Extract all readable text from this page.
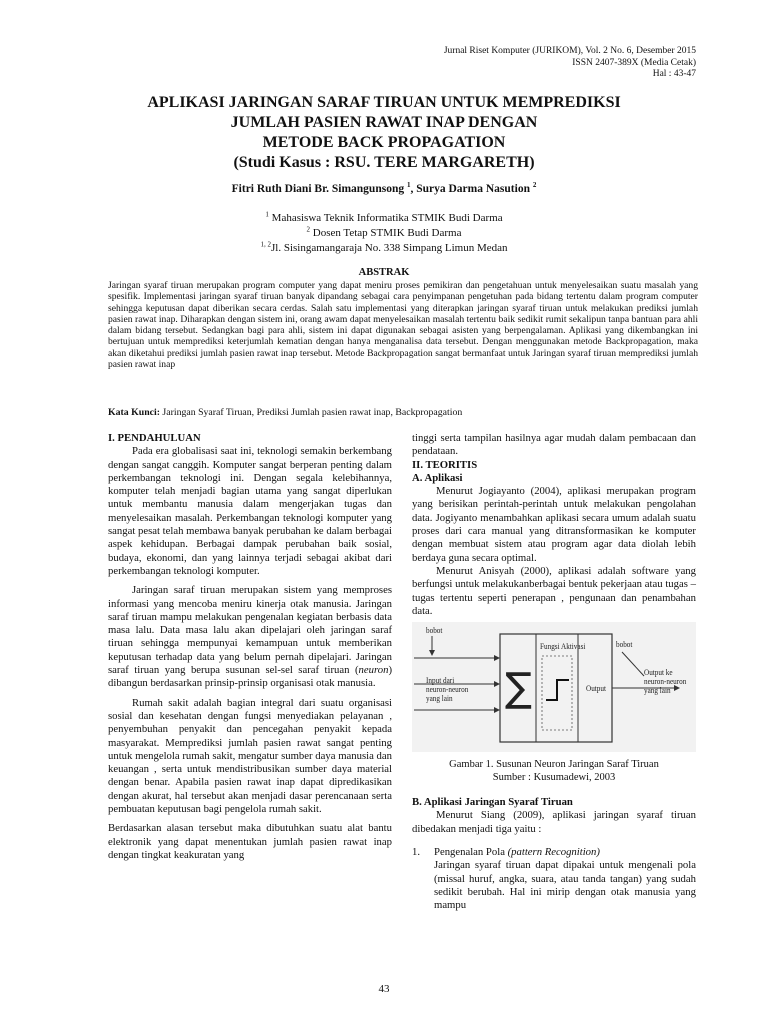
Jurnal Riset Komputer (JURIKOM), Vol. 2 No. 6, Desember 2015
ISSN 2407-389X (Media Cetak)
Hal : 43-47
APLIKASI JARINGAN SARAF TIRUAN UNTUK MEMPREDIKSI
JUMLAH PASIEN RAWAT INAP DENGAN
METODE BACK PROPAGATION
(Studi Kasus : RSU. TERE MARGARETH)
Fitri Ruth Diani Br. Simangunsong $^1$, Surya Darma Nasution $^2$
$^1$ Mahasiswa Teknik Informatika STMIK Budi Darma
$^2$ Dosen Tetap STMIK Budi Darma
$^{1, 2}$Jl. Sisingamangaraja No. 338 Simpang Limun Medan
ABSTRAK
Jaringan syaraf tiruan merupakan program computer yang dapat meniru proses pemikiran dan pengetahuan untuk menyelesaikan suatu masalah yang spesifik. Implementasi jaringan syaraf tiruan banyak dipandang sebagai cara penyimpanan pengetuhan pada bidang tertentu dalam program computer sehingga keputusan dapat diberikan secara cerdas. Salah satu implementasi yang diterapkan jaringan syaraf tiruan untuk melakukan prediksi jumlah pasien rawat inap. Diharapkan dengan sistem ini, orang awam dapat menyelesaikan masalah tertentu baik sedikit rumit sekalipun tanpa bantuan para ahli dalam bidang tersebut. Sedangkan bagi para ahli, sistem ini dapat digunakan sebagai asisten yang berpengalaman. Aplikasi yang dikembangkan ini bertujuan untuk memprediksi keterjumlah kematian dengan hanya menganalisa data tersebut. Dengan menggunakan metode Backpropagation, maka akan diketahui prediksi jumlah pasien rawat inap tersebut. Metode Backpropagation sangat bermanfaat untuk Jaringan syaraf tiruan memprediksi jumlah pasien rawat inap
Kata Kunci: Jaringan Syaraf Tiruan, Prediksi Jumlah pasien rawat inap, Backpropagation

I. PENDAHULUAN

Pada era globalisasi saat ini, teknologi semakin berkembang dengan sangat canggih. Komputer sangat berperan penting dalam perkembangan teknologi ini. Dengan segala kelebihannya, komputer telah menjadi bagian utama yang sangat diperlukan untuk membantu manusia dalam mengerjakan tugas dan menyelesaikan masalah. Perkembangan teknologi komputer yang sangat pesat telah membawa banyak perubahan ke dalam berbagai aspek kehidupan. Berbagai dampak perubahan baik sosial, budaya, ekonomi, dan yang lainnya terjadi sebagai akibat dari perkembangan teknologi komputer.

Jaringan saraf tiruan merupakan sistem yang memproses informasi yang mencoba meniru kinerja otak manusia. Jaringan saraf tiruan mampu melakukan pengenalan kegiatan berbasis data masa lalu. Data masa lalu akan dipelajari oleh jaringan saraf tiruan sehingga mempunyai kemampuan untuk memberikan keputusan terhadap data yang belum pernah dipelajari. Jaringan saraf tiruan yang berupa susunan sel-sel saraf tiruan (neuron) dibangun berdasarkan prinsip-prinsip organisasi otak manusia.

Rumah sakit adalah bagian integral dari suatu organisasi sosial dan kesehatan dengan fungsi menyediakan pelayanan , penyembuhan penyakit dan pencegahan penyakit kepada masyarakat. Memprediksi jumlah pasien rawat sangat penting untuk mengelola rumah sakit, mengatur sumber daya manusia dan keuangan , serta untuk mendistribusikan sumber daya material dengan benar. Apabila pasien rawat inap dapat dipredikasikan dengan akurat, hal tersebut akan menjadi dasar perencanaan serta pembuatan keputusan bagi pengelola rumah sakit.

Berdasarkan alasan tersebut maka dibutuhkan suatu alat bantu elektronik yang dapat menentukan jumlah pasien rawat inap dengan tingkat keakuratan yang

tinggi serta tampilan hasilnya agar mudah dalam pembacaan dan pendataan.

II. TEORITIS

A. Aplikasi

Menurut Jogiayanto (2004), aplikasi merupakan program yang berisikan perintah-perintah untuk melakukan pengolahan data. Jogiyanto menambahkan aplikasi secara umum adalah suatu proses dari cara manual yang ditransformasikan ke komputer dengan membuat sistem atau program agar data diolah lebih berdaya guna secara optimal.

Menurut Anisyah (2000), aplikasi adalah software yang berfungsi untuk melakukanberbagai bentuk pekerjaan atau tugas –tugas tertentu seperti penerapan , pengunaan dan penambahan data.

bobot
Input dari
neuron-neuron
yang lain	∑
Fungsi Aktivasi
Output
bobot
Output ke
neuron-neuron
yang lain

Gambar 1. Susunan Neuron Jaringan Saraf Tiruan

Sumber : Kusumadewi, 2003

B. Aplikasi Jaringan Syaraf Tiruan

Menurut Siang (2009), aplikasi jaringan syaraf tiruan dibedakan menjadi tiga yaitu :

1. Pengenalan Pola (pattern Recognition)
Jaringan syaraf tiruan dapat dipakai untuk mengenali pola (missal huruf, angka, suara, atau tanda tangan) yang sudah sedikit berubah. Hal ini mirip dengan otak manusia yang mampu
43
